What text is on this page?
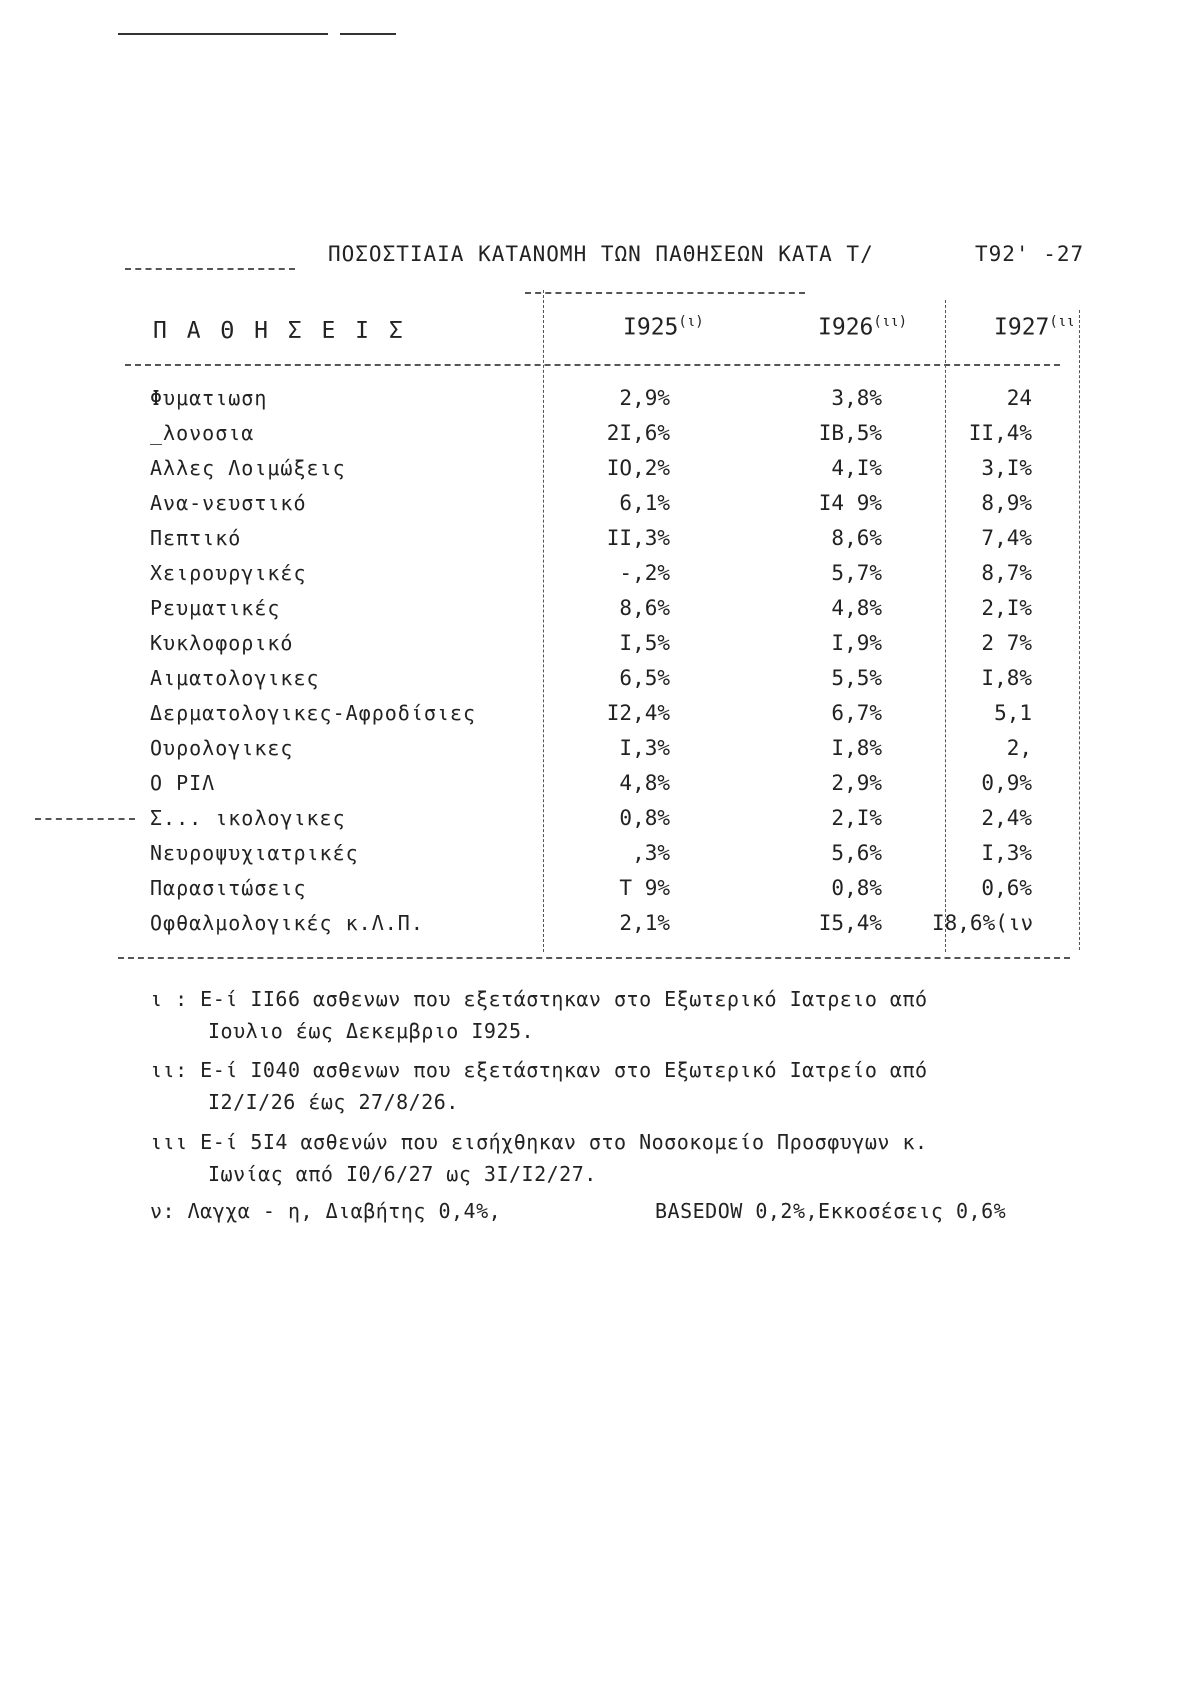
ΠΟΣΟΣΤΙΑΙΑ ΚΑΤΑΝΟΜΗ ΤΩΝ ΠΑΘΗΣΕΩΝ ΚΑΤΑ Τ/	Τ92' -27
Π Α Θ Η Σ Ε Ι Σ	$I925^{(\iota)}$	$I926^{(\iota\iota)}$	$I927^{(\iota\iota}$
Φυματιωση	2,9%	3,8%	24
_λονοσια	2Ι,6%	ΙΒ,5%	ΙΙ,4%
Αλλες Λοιμώξεις	ΙΟ,2%	4,Ι%	3,Ι%
Ανα-νευστικό	6,1%	Ι4 9%	8,9%
Πεπτικό	ΙΙ,3%	8,6%	7,4%
Χειρουργικές	-,2%	5,7%	8,7%
Ρευματικές	8,6%	4,8%	2,Ι%
Κυκλοφορικό	Ι,5%	Ι,9%	2 7%
Αιματολογικες	6,5%	5,5%	Ι,8%
Δερματολογικες-Αφροδίσιες	Ι2,4%	6,7%	5,1
Ουρολογικες	Ι,3%	Ι,8%	2,
Ο ΡΙΛ	4,8%	2,9%	0,9%
Σ... ικολογικες	0,8%	2,Ι%	2,4%
Νευροψυχιατρικές	,3%	5,6%	Ι,3%
Παρασιτώσεις	Τ 9%	0,8%	0,6%
Οφθαλμολογικές κ.Λ.Π.	2,1%	Ι5,4% Ι8,6%(ιν
ι : Ε-ί ΙΙ66 ασθενων που εξετάστηκαν στο Εξωτερικό Ιατρειο από
Ιουλιο έως Δεκεμβριο Ι925.
ιι: Ε-ί Ι040 ασθενων που εξετάστηκαν στο Εξωτερικό Ιατρείο από
Ι2/Ι/26 έως 27/8/26.
ιιι Ε-ί 5Ι4 ασθενών που εισήχθηκαν στο Νοσοκομείο Προσφυγων κ.
Ιωνίας από Ι0/6/27 ως 3Ι/Ι2/27.
ν: Λαγχα - η, Διαβήτης 0,4%,	BASEDOW 0,2%,Εκκοσέσεις 0,6%
